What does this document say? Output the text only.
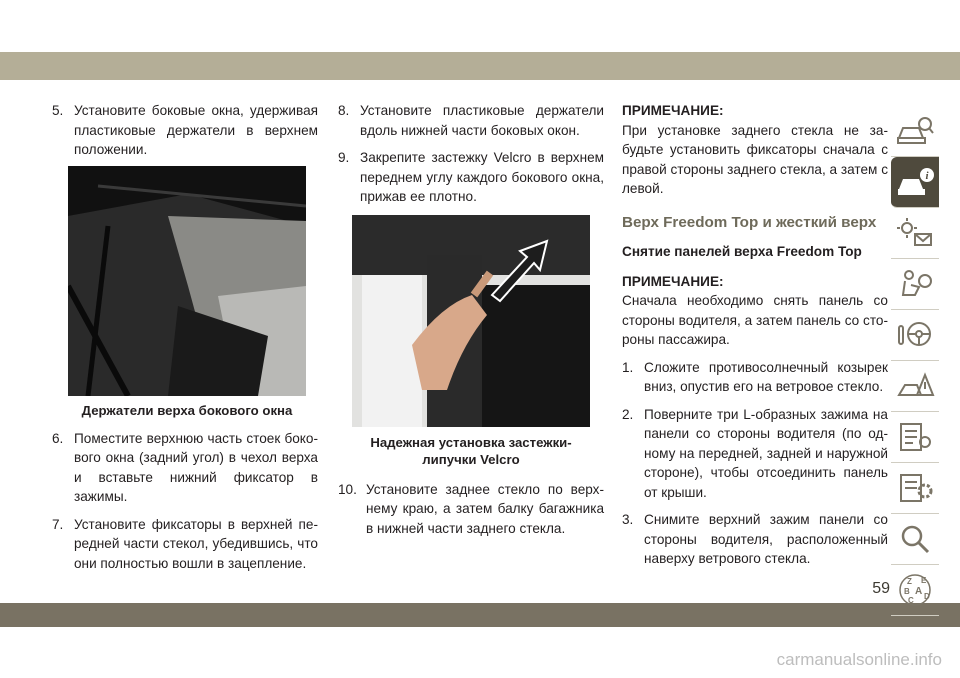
5. Установите боковые окна, удерживая пластиковые держатели в верхнем положении.
Держатели верха бокового окна
6. Поместите верхнюю часть стоек бокового окна (задний угол) в чехол верха и вставьте нижний фиксатор в зажимы.
7. Установите фиксаторы в верхней передней части стекол, убедившись, что они полностью вошли в зацепление.
8. Установите пластиковые держатели вдоль нижней части боковых окон.
9. Закрепите застежку Velcro в верхнем переднем углу каждого бокового окна, прижав ее плотно.
Надежная установка застежки-липучки Velcro
10. Установите заднее стекло по верхнему краю, а затем балку багажника в нижней части заднего стекла.
ПРИМЕЧАНИЕ:
При установке заднего стекла не забудьте установить фиксаторы сначала с правой стороны заднего стекла, а затем с левой.
Верх Freedom Top и жесткий верх
Снятие панелей верха Freedom Top
ПРИМЕЧАНИЕ:
Сначала необходимо снять панель со стороны водителя, а затем панель со стороны пассажира.
1. Сложите противосолнечный козырек вниз, опустив его на ветровое стекло.
2. Поверните три L-образных зажима на панели со стороны водителя (по одному на передней, задней и наружной стороне), чтобы отсоединить панель от крыши.
3. Снимите верхний зажим панели со стороны водителя, расположенный наверху ветрового стекла.
i
Z E
B A D
C
59
carmanualsonline.info
